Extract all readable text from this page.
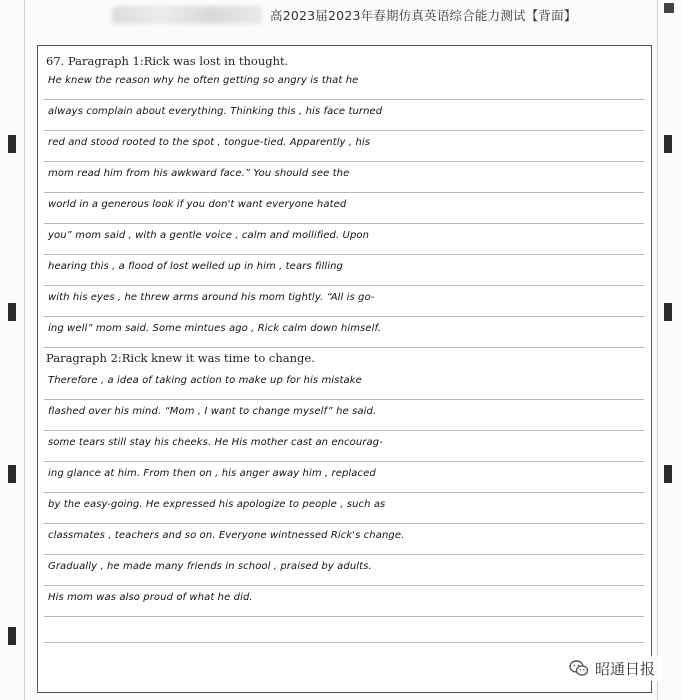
高2023届2023年春期仿真英语综合能力测试【背面】
67. Paragraph 1:Rick was lost in thought.
He knew the reason why he often getting so angry is that he
always complain about everything. Thinking this , his face turned
red and stood rooted to the spot , tongue-tied. Apparently , his
mom read him from his awkward face.” You should see the
world in a generous look if you don't want everyone hated
you” mom said , with a gentle voice , calm and mollified. Upon
hearing this , a flood of lost welled up in him , tears filling
with his eyes , he threw arms around his mom tightly. “All is go-
ing well” mom said. Some mintues ago , Rick calm down himself.
Paragraph 2:Rick knew it was time to change.
Therefore , a idea of taking action to make up for his mistake
flashed over his mind. “Mom , I want to change myself” he said.
some tears still stay his cheeks. He His mother cast an encourag-
ing glance at him. From then on , his anger away him , replaced
by the easy-going. He expressed his apologize to people , such as
classmates , teachers and so on. Everyone wintnessed Rick's change.
Gradually , he made many friends in school , praised by adults.
His mom was also proud of what he did.
昭通日报
